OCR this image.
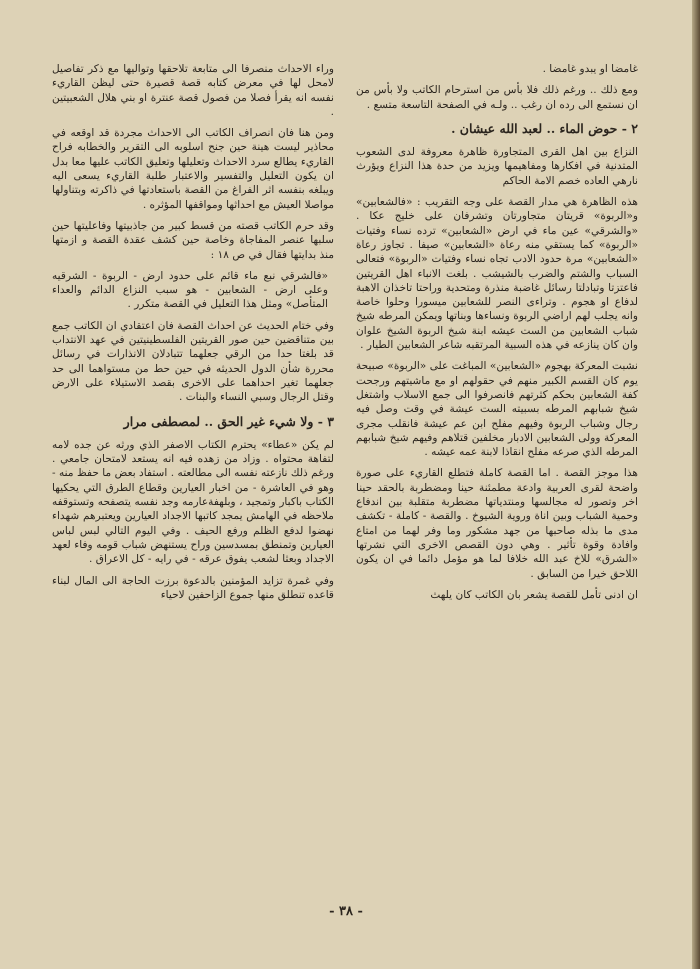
غامضا او يبدو غامضا .

ومع ذلك .. ورغم ذلك فلا بأس من استرحام الكاتب ولا بأس من ان نستمع الى رده ان رغب .. ولـه في الصفحة التاسعة متسع .

٢ - حوض الماء .. لعبد الله عيشان .

النزاع بين اهل القرى المتجاورة ظاهرة معروفة لدى الشعوب المتدنية في افكارها ومفاهيمها ويزيد من حدة هذا النزاع ويؤرث نارهي العاده خصم الامة الحاكم

هذه الظاهرة هي مدار القصة على وجه التقريب : «فالشعابين» و«الربوة» قريتان متجاورتان وتشرفان على خليج عكا . «والشرقي» عين ماء في ارض «الشعابين» ترده نساء وفتيات «الربوة» كما يستقي منه رعاة «الشعابين» صيفا . تجاوز رعاة «الشعابين» مرة حدود الادب تجاه نساء وفتيات «الربوة» فتعالى السباب والشتم والضرب بالشيشب . بلغت الانباء اهل القريتين فاعتزتا وتبادلتا رسائل غاضبة منذرة ومتحدية وراحتا تاخذان الاهبة لدفاع او هجوم . وتراءى النصر للشعابين ميسورا وحلوا خاصة وانه يجلب لهم اراضي الربوة ونساءها وبناتها ويمكن المرطه شيخ شباب الشعابين من الست عيشه ابنة شيخ الربوة الشيخ علوان وان كان ينازعه في هذه السبية المرتقبه شاعر الشعابين الطيار .

نشبت المعركة بهجوم «الشعابين» المباغت على «الربوة» صبيحة يوم كان القسم الكبير منهم في حقولهم او مع ماشيتهم ورجحت كفة الشعابين بحكم كثرتهم فانصرفوا الى جمع الاسلاب واشتغل شيخ شبابهم المرطه بسبيته الست عيشة في وقت وصل فيه رجال وشباب الربوة وفيهم مفلح ابن عم عيشة فانقلب مجرى المعركة وولى الشعابين الادبار مخلفين قتلاهم وفيهم شيخ شبابهم المرطه الذي صرعه مفلح انقاذا لابنة عمه عيشه .

هذا موجز القصة . اما القصة كاملة فتطلع القاريء على صورة واضحة لقرى العربية وادعة مطمئنة حينا ومضطربة بالحقد حينا اخر وتصور له مجالسها ومنتدياتها مضطربة متقلبة بين اندفاع وحمية الشباب وبين اناة وروية الشيوخ . والقصة - كاملة - تكشف مدى ما بذله صاحبها من جهد مشكور وما وفر لهما من امتاع وافادة وقوة تأثير . وهي دون القصص الاخرى التي نشرتها «الشرق» للاخ عبد الله خلافا لما هو مؤمل دائما في ان يكون اللاحق خيرا من السابق .

ان ادنى تأمل للقصة يشعر بان الكاتب كان يلهث

وراء الاحداث منصرفا الى متابعة تلاحقها وتواليها مع ذكر تفاصيل لامحل لها في معرض كتابه قصة قصيرة حتى ليظن القاريء نفسه انه يقرأ فصلا من فصول قصة عنترة او بني هلال الشعبيتين .

ومن هنا فان انصراف الكاتب الى الاحداث مجردة قد اوقعه في محاذير ليست هينة حين جنح اسلوبه الى التقرير والخطابه فراح القاريء يطالع سرد الاحداث وتعليلها وتعليق الكاتب عليها معا بدل ان يكون التعليل والتفسير والاعتبار طلبة القاريء يسعى اليه ويبلغه بنفسه اثر الفراغ من القصة باستعادتها في ذاكرته وبتناولها مواصلا العيش مع احداثها ومواقفها المؤثره .

وقد حرم الكاتب قصته من قسط كبير من جاذبيتها وفاعليتها حين سلبها عنصر المفاجاة وخاصة حين كشف عقدة القصة و ازمتها منذ بدايتها فقال في ص ١٨ :

«فالشرقي نبع ماء قائم على حدود ارض - الربوة - الشرقيه وعلى ارض - الشعابين - هو سبب النزاع الدائم والعداء المتأصل» ومثل هذا التعليل في القصة متكرر .

وفي ختام الحديث عن احداث القصة فان اعتقادي ان الكاتب جمع بين متناقضين حين صور القريتين الفلسطينيتين في عهد الانتداب قد بلغتا حدا من الرقي جعلهما تتبادلان الانذارات في رسائل محررة شأن الدول الحديثه في حين حط من مستواهما الى حد جعلهما تغير احداهما على الاخرى بقصد الاستيلاء على الارض وقتل الرجال وسبي النساء والبنات .

٣ - ولا شيء غير الحق .. لمصطفى مرار

لم يكن «عطاء» يحترم الكتاب الاصفر الذي ورثه عن جده لامه لتفاهة محتواه . وزاد من زهده فيه انه يستعد لامتحان جامعي . ورغم ذلك نازعته نفسه الى مطالعته . استفاد بعض ما حفظ منه - وهو في العاشرة - من اخبار العيارين وقطاع الطرق التي يحكيها الكتاب باكبار وتمجيد ، وبلهفةعارمه وجد نفسه يتصفحه وتستوقفه ملاحظه في الهامش يمجد كاتبها الاجداد العيارين ويعتبرهم شهداء نهضوا لدفع الظلم ورفع الحيف . وفي اليوم التالي لبس لباس العيارين وتمنطق بمسدسين وراح يستنهض شباب قومه وفاء لعهد الاجداد وبعثا لشعب يفوق عرقه - في رايه - كل الاعراق .

وفي غمرة تزايد المؤمنين بالدعوة برزت الحاجة الى المال لبناء قاعده تنطلق منها جموع الزاحفين لاحياء

- ٣٨ -
